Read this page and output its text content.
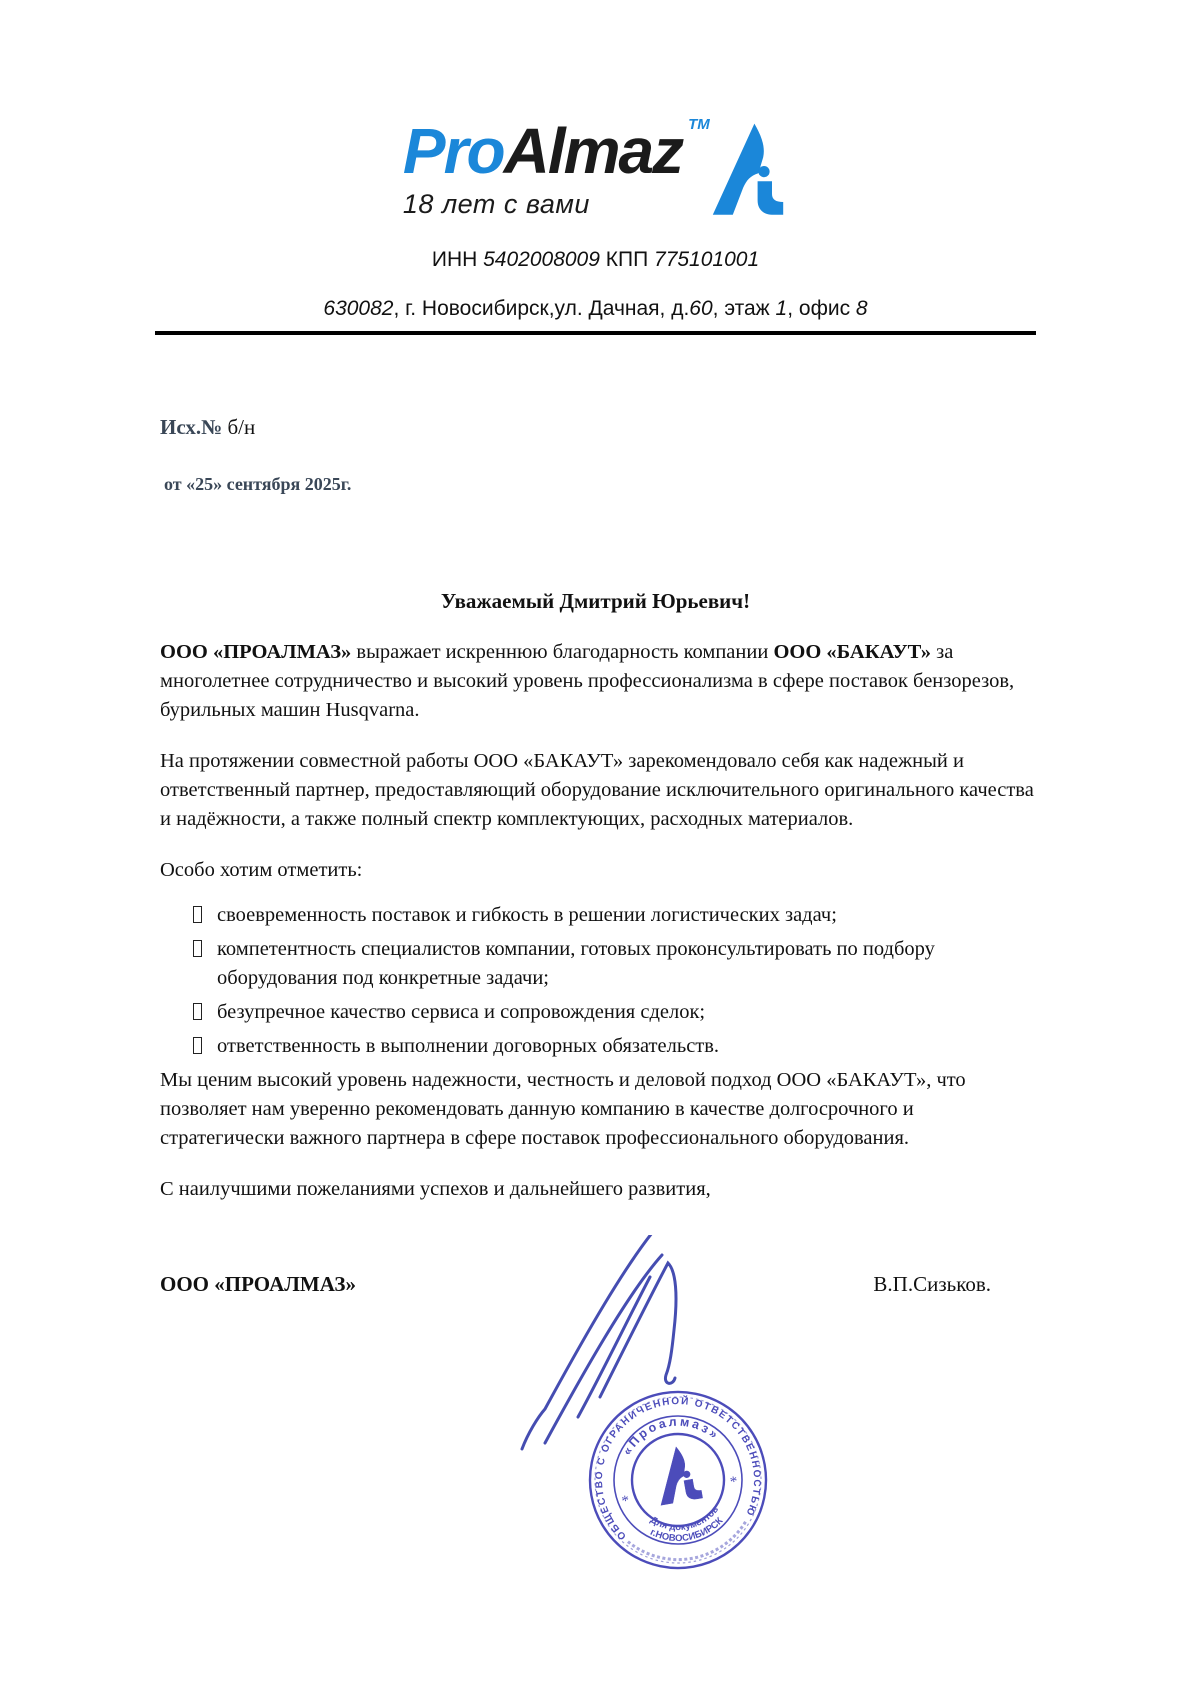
ProAlmaz
18 лет с вами
TM
ИНН 5402008009 КПП 775101001
630082, г. Новосибирск,ул. Дачная, д.60, этаж 1, офис 8
Исх.№ б/н
от «25» сентября 2025г.
Уважаемый Дмитрий Юрьевич!

ООО «ПРОАЛМАЗ» выражает искреннюю благодарность компании ООО «БАКАУТ» за многолетнее сотрудничество и высокий уровень профессионализма в сфере поставок бензорезов, бурильных машин Husqvarna.

На протяжении совместной работы ООО «БАКАУТ» зарекомендовало себя как надежный и ответственный партнер, предоставляющий оборудование исключительного оригинального качества и надёжности, а также полный спектр комплектующих, расходных материалов.

Особо хотим отметить:

своевременность поставок и гибкость в решении логистических задач;
компетентность специалистов компании, готовых проконсультировать по подбору оборудования под конкретные задачи;
безупречное качество сервиса и сопровождения сделок;
ответственность в выполнении договорных обязательств.

Мы ценим высокий уровень надежности, честность и деловой подход ООО «БАКАУТ», что позволяет нам уверенно рекомендовать данную компанию в качестве долгосрочного и стратегически важного партнера в сфере поставок профессионального оборудования.

С наилучшими пожеланиями успехов и дальнейшего развития,

ООО «ПРОАЛМАЗ»	В.П.Сизьков.
ОБЩЕСТВО С ОГРАНИЧЕННОЙ ОТВЕТСТВЕННОСТЬЮ
«Проалмаз»
Для документов
г.НОВОСИБИРСК
*
*
